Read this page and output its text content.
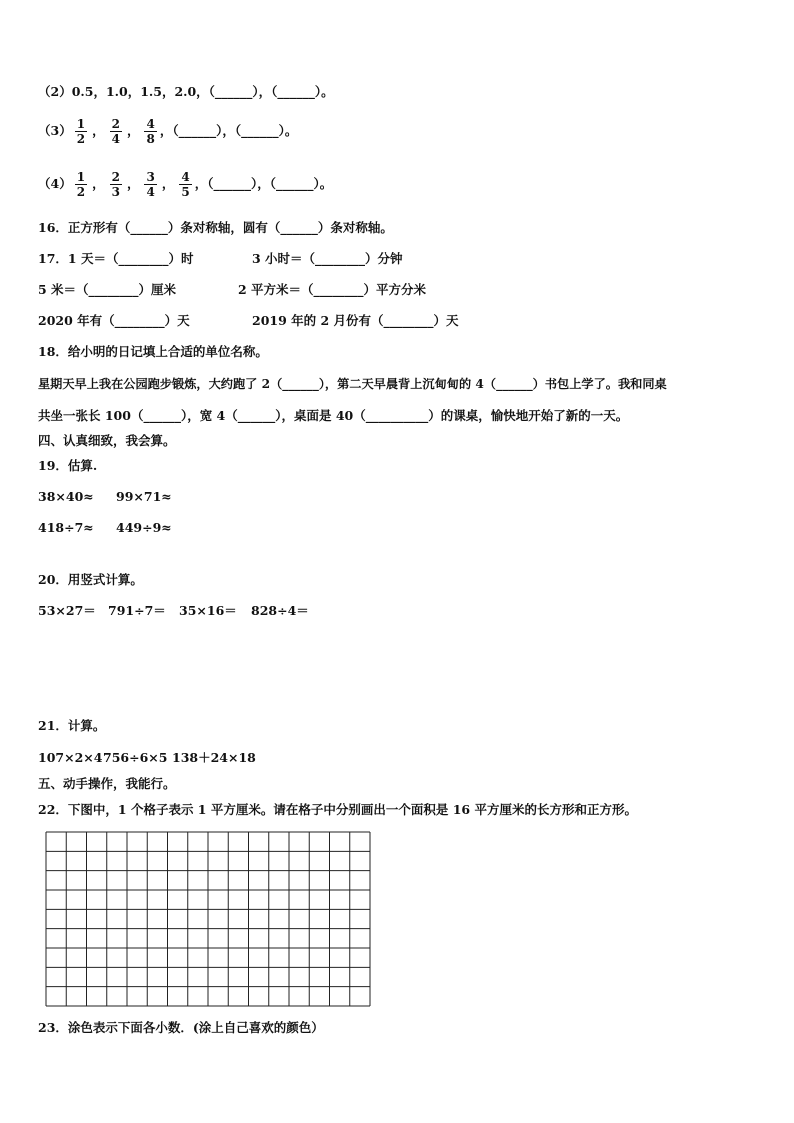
（2）0.5，1.0，1.5，2.0，（______），（______）。
$(3) \frac{1}{2}$ ， $\frac{2}{4}$ ， $\frac{4}{8}$ ，（______），（______）。
$(4) \frac{1}{2}$ ， $\frac{2}{3}$ ， $\frac{3}{4}$ ， $\frac{4}{5}$ ，（______），（______）。
16．正方形有（______）条对称轴，圆有（______）条对称轴。
17．1 天＝（________）时	3 小时＝（________）分钟
5 米＝（________）厘米	2 平方米＝（________）平方分米
2020 年有（________）天	2019 年的 2 月份有（________）天
18．给小明的日记填上合适的单位名称。
星期天早上我在公园跑步锻炼，大约跑了 2（______），第二天早晨背上沉甸甸的 4（______）书包上学了。我和同桌
共坐一张长 100（______），宽 4（______），桌面是 40（__________）的课桌，愉快地开始了新的一天。
四、认真细致，我会算。
19．估算.
38×40≈ 99×71≈
418÷7≈ 449÷9≈
20．用竖式计算。
53×27＝ 791÷7＝ 35×16＝ 828÷4＝
21．计算。
107×2×4 756÷6×5 138＋24×18
五、动手操作，我能行。
22．下图中，1 个格子表示 1 平方厘米。请在格子中分别画出一个面积是 16 平方厘米的长方形和正方形。
23．涂色表示下面各小数．(涂上自己喜欢的颜色）
